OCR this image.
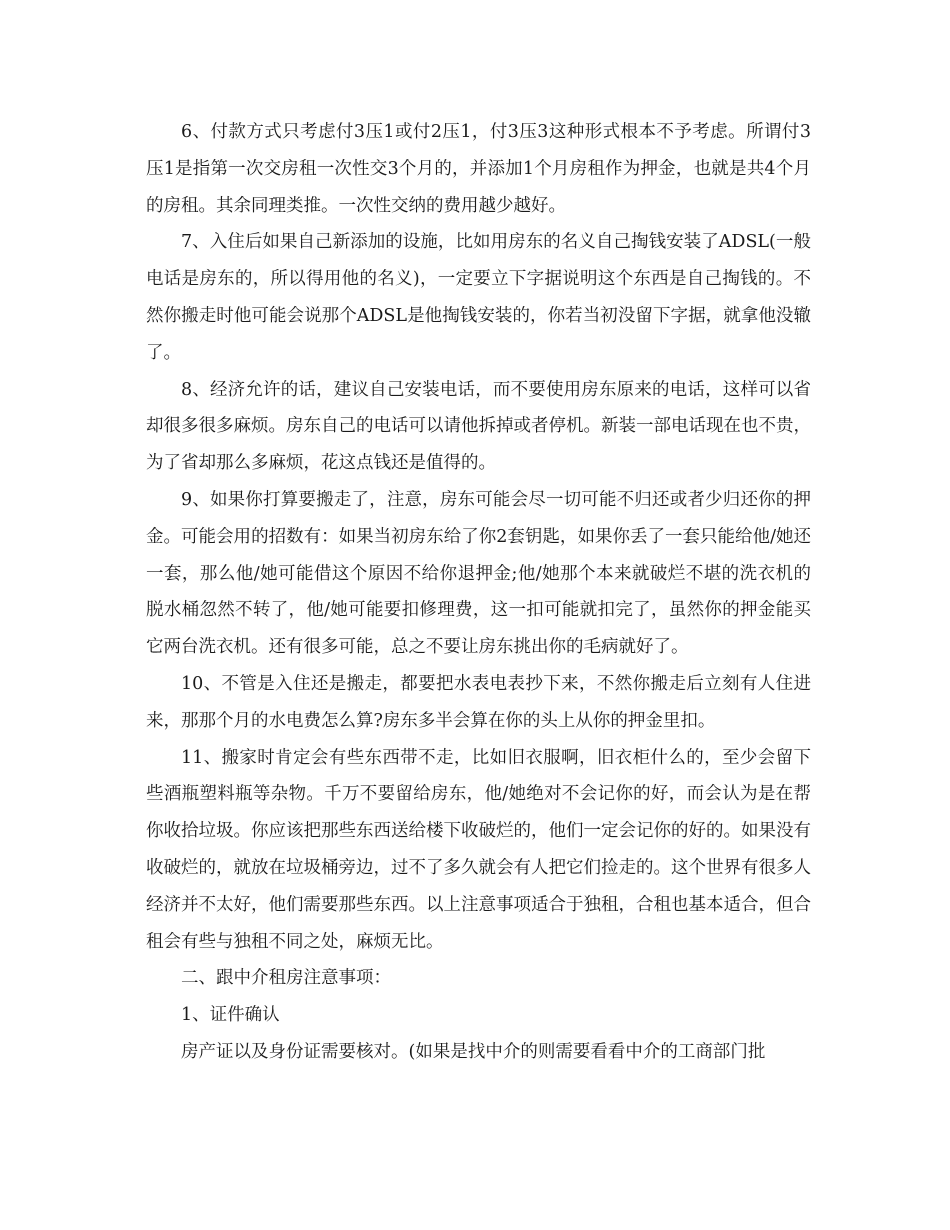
6、付款方式只考虑付3压1或付2压1，付3压3这种形式根本不予考虑。所谓付3压1是指第一次交房租一次性交3个月的，并添加1个月房租作为押金，也就是共4个月的房租。其余同理类推。一次性交纳的费用越少越好。

7、入住后如果自己新添加的设施，比如用房东的名义自己掏钱安装了ADSL(一般电话是房东的，所以得用他的名义)，一定要立下字据说明这个东西是自己掏钱的。不然你搬走时他可能会说那个ADSL是他掏钱安装的，你若当初没留下字据，就拿他没辙了。

8、经济允许的话，建议自己安装电话，而不要使用房东原来的电话，这样可以省却很多很多麻烦。房东自己的电话可以请他拆掉或者停机。新装一部电话现在也不贵，为了省却那么多麻烦，花这点钱还是值得的。

9、如果你打算要搬走了，注意，房东可能会尽一切可能不归还或者少归还你的押金。可能会用的招数有：如果当初房东给了你2套钥匙，如果你丢了一套只能给他/她还一套，那么他/她可能借这个原因不给你退押金;他/她那个本来就破烂不堪的洗衣机的脱水桶忽然不转了，他/她可能要扣修理费，这一扣可能就扣完了，虽然你的押金能买它两台洗衣机。还有很多可能，总之不要让房东挑出你的毛病就好了。

10、不管是入住还是搬走，都要把水表电表抄下来，不然你搬走后立刻有人住进来，那那个月的水电费怎么算?房东多半会算在你的头上从你的押金里扣。

11、搬家时肯定会有些东西带不走，比如旧衣服啊，旧衣柜什么的，至少会留下些酒瓶塑料瓶等杂物。千万不要留给房东，他/她绝对不会记你的好，而会认为是在帮你收拾垃圾。你应该把那些东西送给楼下收破烂的，他们一定会记你的好的。如果没有收破烂的，就放在垃圾桶旁边，过不了多久就会有人把它们捡走的。这个世界有很多人经济并不太好，他们需要那些东西。以上注意事项适合于独租，合租也基本适合，但合租会有些与独租不同之处，麻烦无比。

二、跟中介租房注意事项：

1、证件确认

房产证以及身份证需要核对。(如果是找中介的则需要看看中介的工商部门批
